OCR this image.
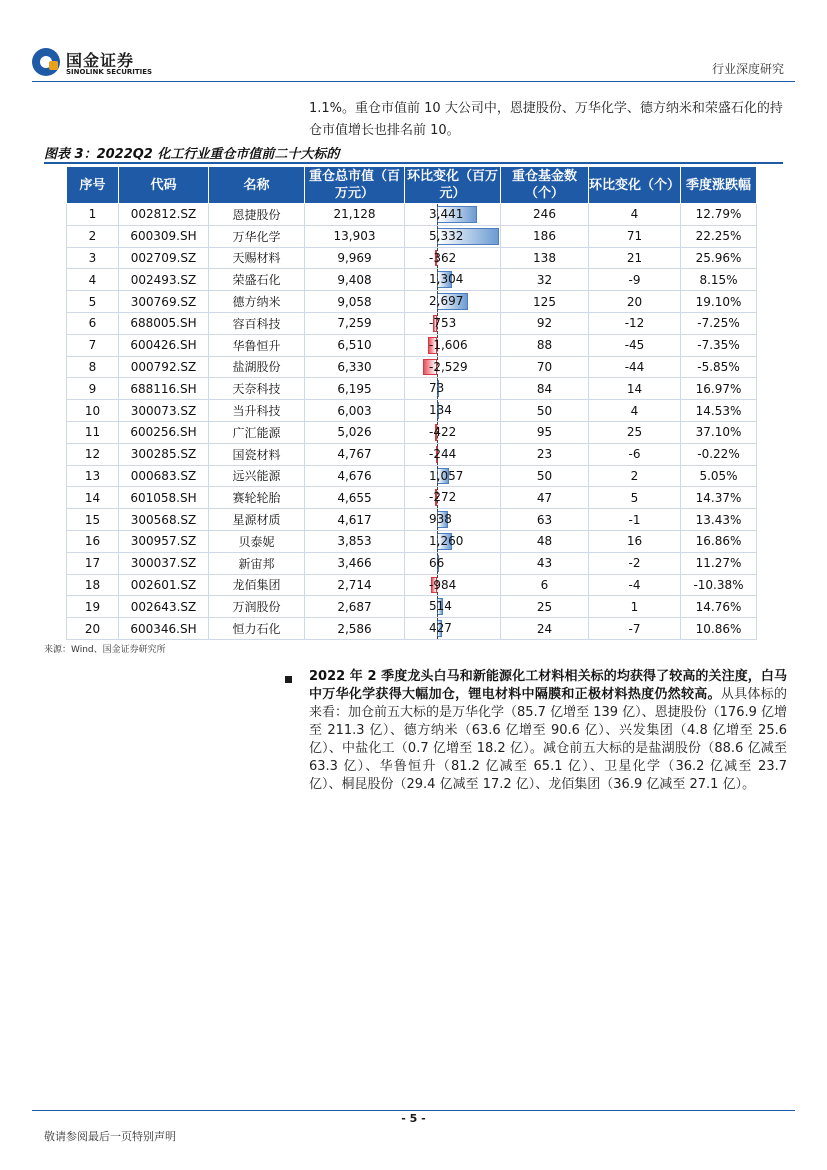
国金证券
SINOLINK SECURITIES	行业深度研究
1.1%。重仓市值前 10 大公司中，恩捷股份、万华化学、德方纳米和荣盛石化的持仓市值增长也排名前 10。
图表 3：2022Q2 化工行业重仓市值前二十大标的
序号	代码	名称	重仓总市值（百万元）	环比变化（百万元）	重仓基金数（个）	环比变化（个）	季度涨跌幅
1	002812.SZ	恩捷股份	21,128	3,441	246	4	12.79%
2	600309.SH	万华化学	13,903	5,332	186	71	22.25%
3	002709.SZ	天赐材料	9,969	-362	138	21	25.96%
4	002493.SZ	荣盛石化	9,408	1,304	32	-9	8.15%
5	300769.SZ	德方纳米	9,058	2,697	125	20	19.10%
6	688005.SH	容百科技	7,259	-753	92	-12	-7.25%
7	600426.SH	华鲁恒升	6,510	-1,606	88	-45	-7.35%
8	000792.SZ	盐湖股份	6,330	-2,529	70	-44	-5.85%
9	688116.SH	天奈科技	6,195	73	84	14	16.97%
10	300073.SZ	当升科技	6,003	134	50	4	14.53%
11	600256.SH	广汇能源	5,026	-422	95	25	37.10%
12	300285.SZ	国瓷材料	4,767	-244	23	-6	-0.22%
13	000683.SZ	远兴能源	4,676	1,057	50	2	5.05%
14	601058.SH	赛轮轮胎	4,655	-272	47	5	14.37%
15	300568.SZ	星源材质	4,617	938	63	-1	13.43%
16	300957.SZ	贝泰妮	3,853	1,260	48	16	16.86%
17	300037.SZ	新宙邦	3,466	66	43	-2	11.27%
18	002601.SZ	龙佰集团	2,714	-984	6	-4	-10.38%
19	002643.SZ	万润股份	2,687	514	25	1	14.76%
20	600346.SH	恒力石化	2,586	427	24	-7	10.86%
来源：Wind、国金证券研究所
2022 年 2 季度龙头白马和新能源化工材料相关标的均获得了较高的关注度，白马中万华化学获得大幅加仓，锂电材料中隔膜和正极材料热度仍然较高。从具体标的来看：加仓前五大标的是万华化学（85.7 亿增至 139 亿）、恩捷股份（176.9 亿增至 211.3 亿）、德方纳米（63.6 亿增至 90.6 亿）、兴发集团（4.8 亿增至 25.6 亿）、中盐化工（0.7 亿增至 18.2 亿）。减仓前五大标的是盐湖股份（88.6 亿减至 63.3 亿）、华鲁恒升（81.2 亿减至 65.1 亿）、卫星化学（36.2 亿减至 23.7 亿）、桐昆股份（29.4 亿减至 17.2 亿）、龙佰集团（36.9 亿减至 27.1 亿）。
- 5 -
敬请参阅最后一页特别声明
